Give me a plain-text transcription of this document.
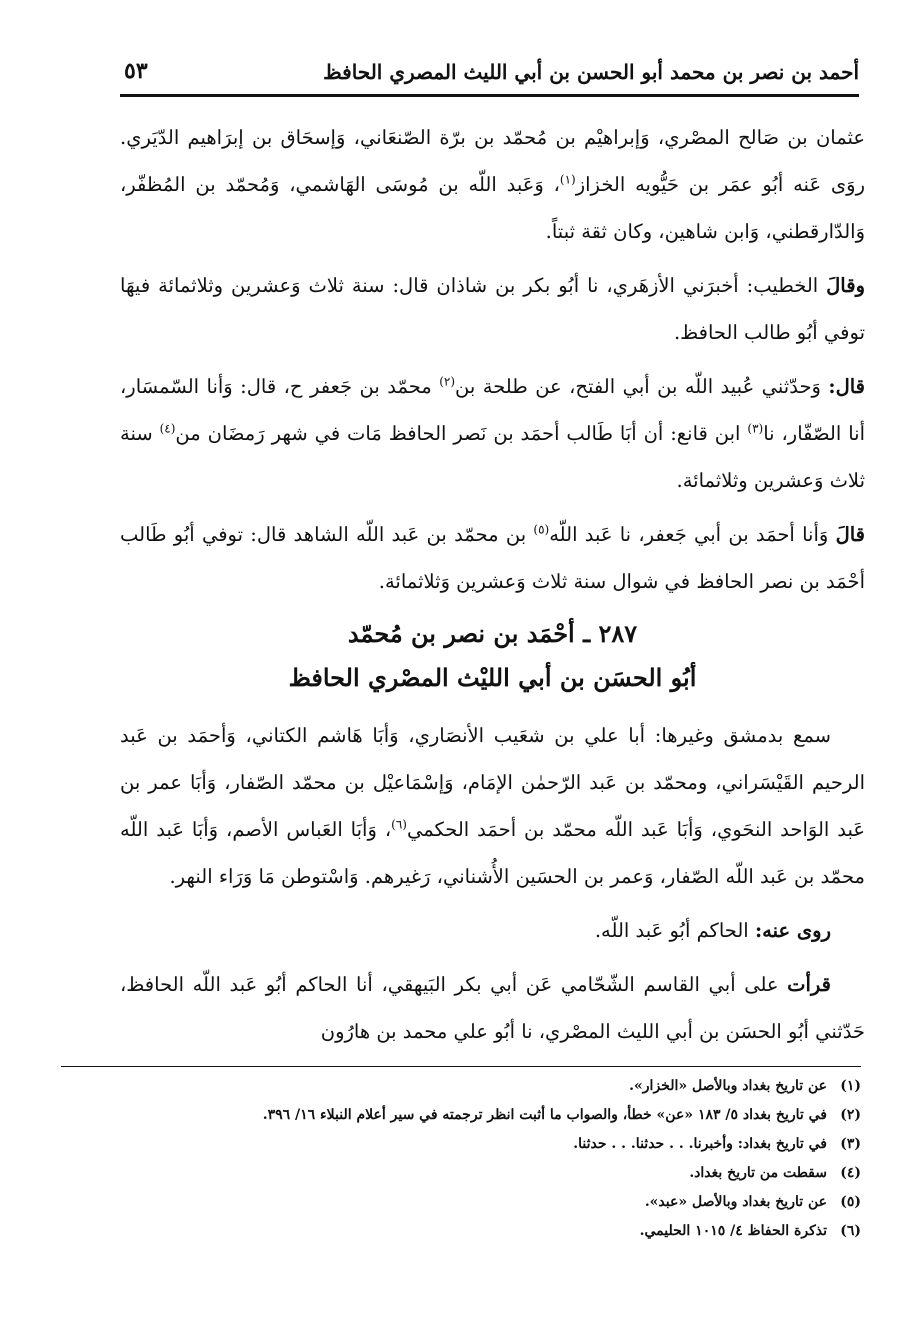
أحمد بن نصر بن محمد أبو الحسن بن أبي الليث المصري الحافظ
٥٣

عثمان بن صَالح المصْري، وَإبراهيْم بن مُحمّد بن برّة الصّنعَاني، وَإسحَاق بن إبرَاهيم الدّيَري. روَى عَنه أبُو عمَر بن حَيُّويه الخزاز$^{(١)}$، وَعَبد اللّه بن مُوسَى الهَاشمي، وَمُحمّد بن المُظفّر، وَالدّارقطني، وَابن شاهين، وكان ثقة ثبتاً.

وقالَ الخطيب: أخبرَني الأزهَري، نا أبُو بكر بن شاذان قال: سنة ثلاث وَعشرين وثلاثمائة فيهَا توفي أبُو طالب الحافظ.

قال: وَحدّثني عُبيد اللّه بن أبي الفتح، عن طلحة بن$^{(٢)}$ محمّد بن جَعفر ح، قال: وَأنا السّمسَار، أنا الصّفّار، نا$^{(٣)}$ ابن قانع: أن أبَا طَالب أحمَد بن نَصر الحافظ مَات في شهر رَمضَان من$^{(٤)}$ سنة ثلاث وَعشرين وثلاثمائة.

قالَ وَأنا أحمَد بن أبي جَعفر، نا عَبد اللّه$^{(٥)}$ بن محمّد بن عَبد اللّه الشاهد قال: توفي أبُو طَالب أحْمَد بن نصر الحافظ في شوال سنة ثلاث وَعشرين وَثلاثمائة.

٢٨٧ ـ أحْمَد بن نصر بن مُحمّد
أبُو الحسَن بن أبي الليْث المصْري الحافظ

سمع بدمشق وغيرها: أبا علي بن شعَيب الأنصَاري، وَأبَا هَاشم الكتاني، وَأحمَد بن عَبد الرحيم القَيْسَراني، ومحمّد بن عَبد الرّحمٰن الإمَام، وَإسْمَاعيْل بن محمّد الصّفار، وَأبَا عمر بن عَبد الوَاحد النحَوي، وَأبَا عَبد اللّه محمّد بن أحمَد الحكمي$^{(٦)}$، وَأبَا العَباس الأصم، وَأبَا عَبد اللّه محمّد بن عَبد اللّه الصّفار، وَعمر بن الحسَين الأُشناني، رَغيرهم. وَاسْتوطن مَا وَرَاء النهر.

روى عنه: الحاكم أبُو عَبد اللّه.

قرأت على أبي القاسم الشّحّامي عَن أبي بكر البَيهقي، أنا الحاكم أبُو عَبد اللّه الحافظ، حَدّثني أبُو الحسَن بن أبي الليث المصْري، نا أبُو علي محمد بن هارُون

(١)عن تاريخ بغداد وبالأصل «الخزار».
(٢)في تاريخ بغداد ٥/ ١٨٣ «عن» خطأ، والصواب ما أثبت انظر ترجمته في سير أعلام النبلاء ١٦/ ٣٩٦.
(٣)في تاريخ بغداد: وأخبرنا. . . حدثنا. . . حدثنا.
(٤)سقطت من تاريخ بغداد.
(٥)عن تاريخ بغداد وبالأصل «عبد».
(٦)تذكرة الحفاظ ٤/ ١٠١٥ الحليمي.
